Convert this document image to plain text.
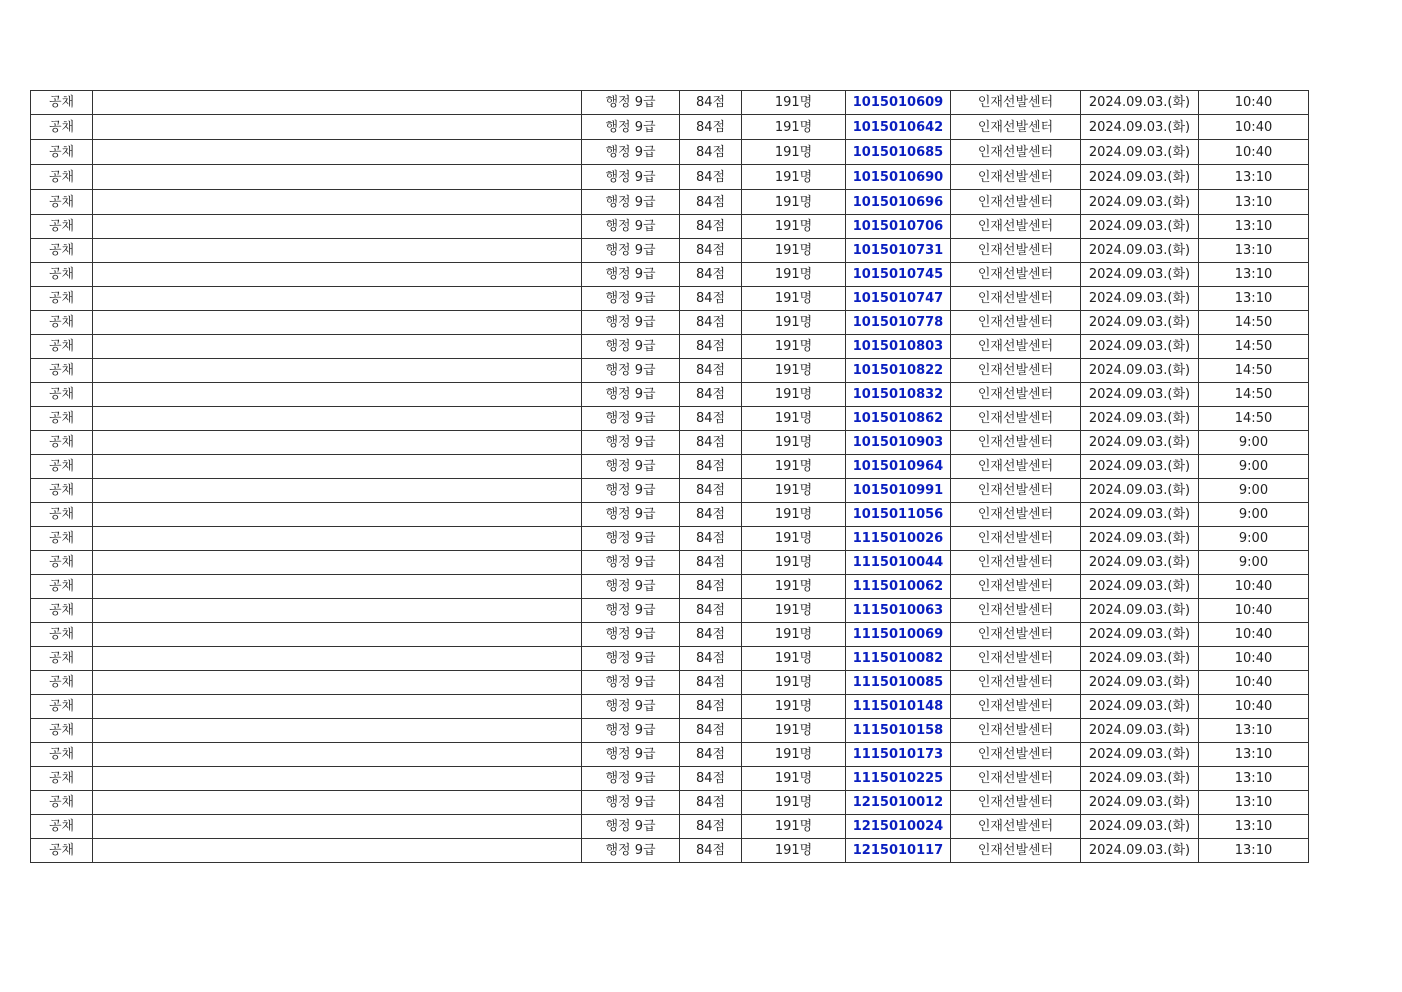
공채		행정 9급	84점	191명	1015010609	인재선발센터	2024.09.03.(화)	10:40
공채		행정 9급	84점	191명	1015010642	인재선발센터	2024.09.03.(화)	10:40
공채		행정 9급	84점	191명	1015010685	인재선발센터	2024.09.03.(화)	10:40
공채		행정 9급	84점	191명	1015010690	인재선발센터	2024.09.03.(화)	13:10
공채		행정 9급	84점	191명	1015010696	인재선발센터	2024.09.03.(화)	13:10
공채		행정 9급	84점	191명	1015010706	인재선발센터	2024.09.03.(화)	13:10
공채		행정 9급	84점	191명	1015010731	인재선발센터	2024.09.03.(화)	13:10
공채		행정 9급	84점	191명	1015010745	인재선발센터	2024.09.03.(화)	13:10
공채		행정 9급	84점	191명	1015010747	인재선발센터	2024.09.03.(화)	13:10
공채		행정 9급	84점	191명	1015010778	인재선발센터	2024.09.03.(화)	14:50
공채		행정 9급	84점	191명	1015010803	인재선발센터	2024.09.03.(화)	14:50
공채		행정 9급	84점	191명	1015010822	인재선발센터	2024.09.03.(화)	14:50
공채		행정 9급	84점	191명	1015010832	인재선발센터	2024.09.03.(화)	14:50
공채		행정 9급	84점	191명	1015010862	인재선발센터	2024.09.03.(화)	14:50
공채		행정 9급	84점	191명	1015010903	인재선발센터	2024.09.03.(화)	9:00
공채		행정 9급	84점	191명	1015010964	인재선발센터	2024.09.03.(화)	9:00
공채		행정 9급	84점	191명	1015010991	인재선발센터	2024.09.03.(화)	9:00
공채		행정 9급	84점	191명	1015011056	인재선발센터	2024.09.03.(화)	9:00
공채		행정 9급	84점	191명	1115010026	인재선발센터	2024.09.03.(화)	9:00
공채		행정 9급	84점	191명	1115010044	인재선발센터	2024.09.03.(화)	9:00
공채		행정 9급	84점	191명	1115010062	인재선발센터	2024.09.03.(화)	10:40
공채		행정 9급	84점	191명	1115010063	인재선발센터	2024.09.03.(화)	10:40
공채		행정 9급	84점	191명	1115010069	인재선발센터	2024.09.03.(화)	10:40
공채		행정 9급	84점	191명	1115010082	인재선발센터	2024.09.03.(화)	10:40
공채		행정 9급	84점	191명	1115010085	인재선발센터	2024.09.03.(화)	10:40
공채		행정 9급	84점	191명	1115010148	인재선발센터	2024.09.03.(화)	10:40
공채		행정 9급	84점	191명	1115010158	인재선발센터	2024.09.03.(화)	13:10
공채		행정 9급	84점	191명	1115010173	인재선발센터	2024.09.03.(화)	13:10
공채		행정 9급	84점	191명	1115010225	인재선발센터	2024.09.03.(화)	13:10
공채		행정 9급	84점	191명	1215010012	인재선발센터	2024.09.03.(화)	13:10
공채		행정 9급	84점	191명	1215010024	인재선발센터	2024.09.03.(화)	13:10
공채		행정 9급	84점	191명	1215010117	인재선발센터	2024.09.03.(화)	13:10
